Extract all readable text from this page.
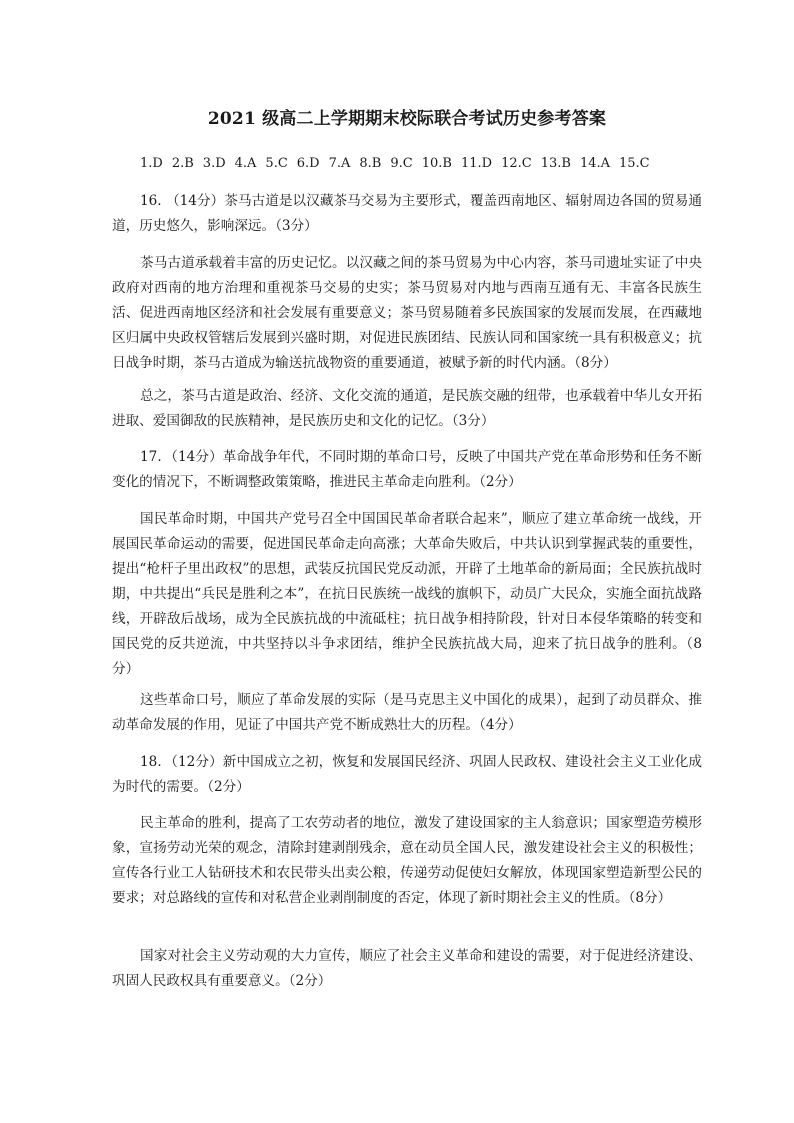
2021 级高二上学期期末校际联合考试历史参考答案

1.D 2.B 3.D 4.A 5.C 6.D 7.A 8.B 9.C 10.B 11.D 12.C 13.B 14.A 15.C

16. （14分）茶马古道是以汉藏茶马交易为主要形式，覆盖西南地区、辐射周边各国的贸易通道，历史悠久，影响深远。（3分）

茶马古道承载着丰富的历史记忆。以汉藏之间的茶马贸易为中心内容，茶马司遗址实证了中央政府对西南的地方治理和重视茶马交易的史实；茶马贸易对内地与西南互通有无、丰富各民族生活、促进西南地区经济和社会发展有重要意义；茶马贸易随着多民族国家的发展而发展，在西藏地区归属中央政权管辖后发展到兴盛时期，对促进民族团结、民族认同和国家统一具有积极意义；抗日战争时期，茶马古道成为输送抗战物资的重要通道，被赋予新的时代内涵。（8分）

总之，茶马古道是政治、经济、文化交流的通道，是民族交融的纽带，也承载着中华儿女开拓进取、爱国御敌的民族精神，是民族历史和文化的记忆。（3分）

17．（14分）革命战争年代，不同时期的革命口号，反映了中国共产党在革命形势和任务不断变化的情况下，不断调整政策策略，推进民主革命走向胜利。（2分）

国民革命时期，中国共产党号召全中国国民革命者联合起来”，顺应了建立革命统一战线，开展国民革命运动的需要，促进国民革命走向高涨；大革命失败后，中共认识到掌握武装的重要性，提出“枪杆子里出政权”的思想，武装反抗国民党反动派，开辟了土地革命的新局面；全民族抗战时期，中共提出“兵民是胜利之本”，在抗日民族统一战线的旗帜下，动员广大民众，实施全面抗战路线，开辟敌后战场，成为全民族抗战的中流砥柱；抗日战争相持阶段，针对日本侵华策略的转变和国民党的反共逆流，中共坚持以斗争求团结，维护全民族抗战大局，迎来了抗日战争的胜利。（8分）

这些革命口号，顺应了革命发展的实际（是马克思主义中国化的成果），起到了动员群众、推动革命发展的作用，见证了中国共产党不断成熟壮大的历程。（4分）

18．（12分）新中国成立之初，恢复和发展国民经济、巩固人民政权、建设社会主义工业化成为时代的需要。（2分）

民主革命的胜利，提高了工农劳动者的地位，激发了建设国家的主人翁意识；国家塑造劳模形象，宣扬劳动光荣的观念，清除封建剥削残余，意在动员全国人民，激发建设社会主义的积极性；宣传各行业工人钻研技术和农民带头出卖公粮，传递劳动促使妇女解放，体现国家塑造新型公民的要求；对总路线的宣传和对私营企业剥削制度的否定，体现了新时期社会主义的性质。（8分）

国家对社会主义劳动观的大力宣传，顺应了社会主义革命和建设的需要，对于促进经济建设、巩固人民政权具有重要意义。（2分）
